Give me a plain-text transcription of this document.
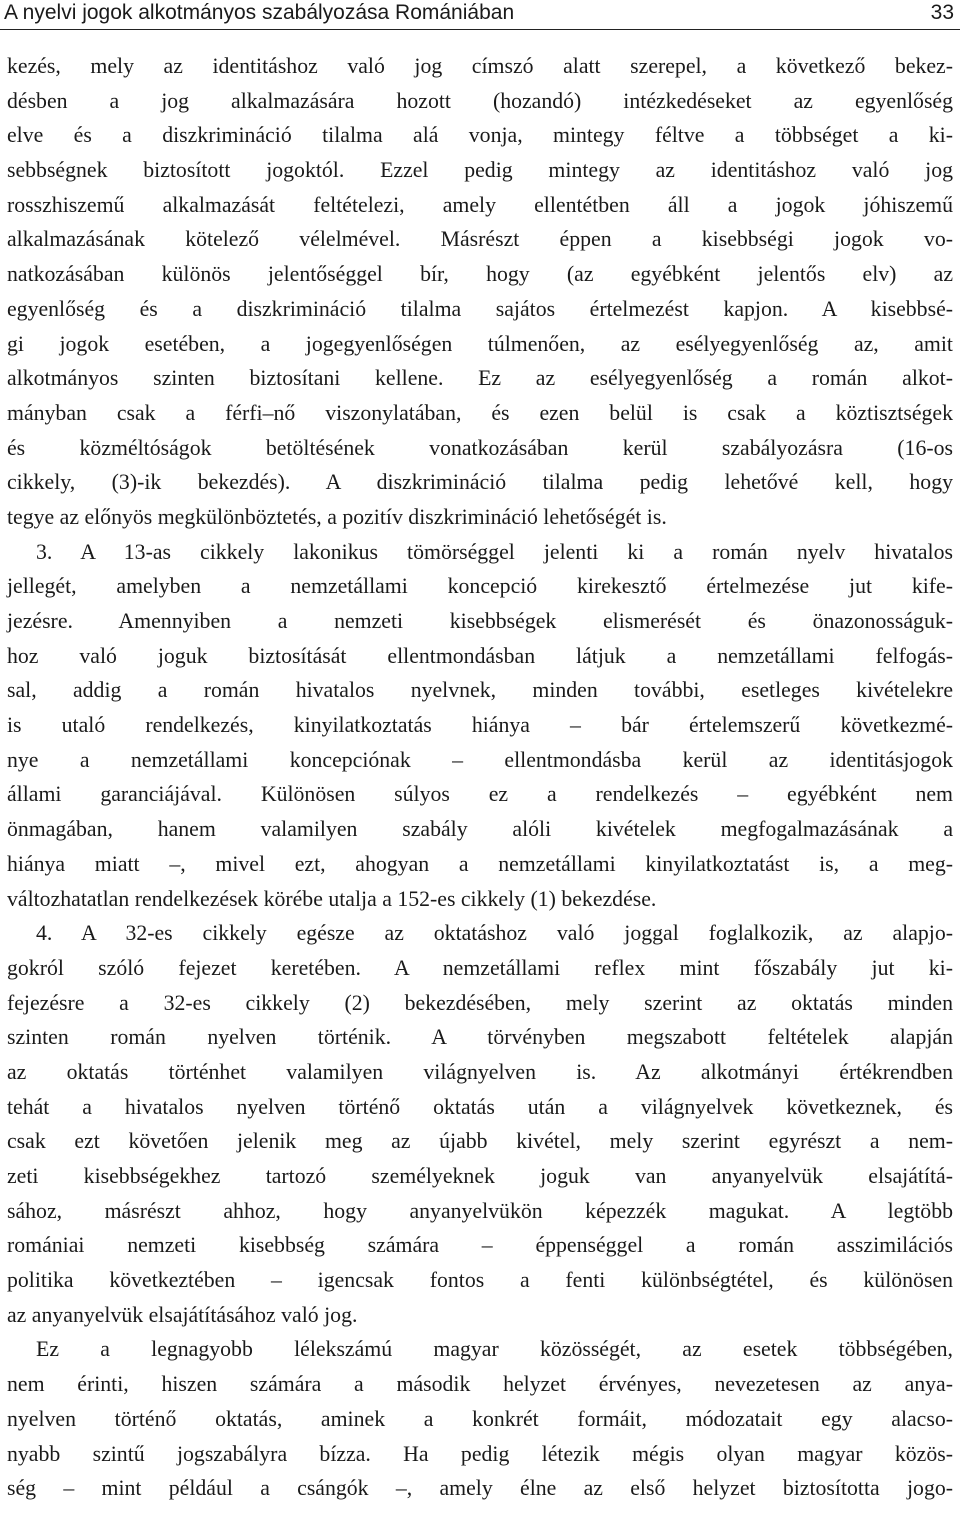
A nyelvi jogok alkotmányos szabályozása Romániában	33
kezés, mely az identitáshoz való jog címszó alatt szerepel, a következő bekez-
désben a jog alkalmazására hozott (hozandó) intézkedéseket az egyenlőség
elve és a diszkrimináció tilalma alá vonja, mintegy féltve a többséget a ki-
sebbségnek biztosított jogoktól. Ezzel pedig mintegy az identitáshoz való jog
rosszhiszemű alkalmazását feltételezi, amely ellentétben áll a jogok jóhiszemű
alkalmazásának kötelező vélelmével. Másrészt éppen a kisebbségi jogok vo-
natkozásában különös jelentőséggel bír, hogy (az egyébként jelentős elv) az
egyenlőség és a diszkrimináció tilalma sajátos értelmezést kapjon. A kisebbsé-
gi jogok esetében, a jogegyenlőségen túlmenően, az esélyegyenlőség az, amit
alkotmányos szinten biztosítani kellene. Ez az esélyegyenlőség a román alkot-
mányban csak a férfi–nő viszonylatában, és ezen belül is csak a köztisztségek
és közméltóságok betöltésének vonatkozásában kerül szabályozásra (16-os
cikkely, (3)-ik bekezdés). A diszkrimináció tilalma pedig lehetővé kell, hogy
tegye az előnyös megkülönböztetés, a pozitív diszkrimináció lehetőségét is.
3. A 13-as cikkely lakonikus tömörséggel jelenti ki a román nyelv hivatalos
jellegét, amelyben a nemzetállami koncepció kirekesztő értelmezése jut kife-
jezésre. Amennyiben a nemzeti kisebbségek elismerését és önazonosságuk-
hoz való joguk biztosítását ellentmondásban látjuk a nemzetállami felfogás-
sal, addig a román hivatalos nyelvnek, minden további, esetleges kivételekre
is utaló rendelkezés, kinyilatkoztatás hiánya – bár értelemszerű következmé-
nye a nemzetállami koncepciónak – ellentmondásba kerül az identitásjogok
állami garanciájával. Különösen súlyos ez a rendelkezés – egyébként nem
önmagában, hanem valamilyen szabály alóli kivételek megfogalmazásának a
hiánya miatt –, mivel ezt, ahogyan a nemzetállami kinyilatkoztatást is, a meg-
változhatatlan rendelkezések körébe utalja a 152-es cikkely (1) bekezdése.
4. A 32-es cikkely egésze az oktatáshoz való joggal foglalkozik, az alapjo-
gokról szóló fejezet keretében. A nemzetállami reflex mint főszabály jut ki-
fejezésre a 32-es cikkely (2) bekezdésében, mely szerint az oktatás minden
szinten román nyelven történik. A törvényben megszabott feltételek alapján
az oktatás történhet valamilyen világnyelven is. Az alkotmányi értékrendben
tehát a hivatalos nyelven történő oktatás után a világnyelvek következnek, és
csak ezt követően jelenik meg az újabb kivétel, mely szerint egyrészt a nem-
zeti kisebbségekhez tartozó személyeknek joguk van anyanyelvük elsajátítá-
sához, másrészt ahhoz, hogy anyanyelvükön képezzék magukat. A legtöbb
romániai nemzeti kisebbség számára – éppenséggel a román asszimilációs
politika következtében – igencsak fontos a fenti különbségtétel, és különösen
az anyanyelvük elsajátításához való jog.
Ez a legnagyobb lélekszámú magyar közösségét, az esetek többségében,
nem érinti, hiszen számára a második helyzet érvényes, nevezetesen az anya-
nyelven történő oktatás, aminek a konkrét formáit, módozatait egy alacso-
nyabb szintű jogszabályra bízza. Ha pedig létezik mégis olyan magyar közös-
ség – mint például a csángók –, amely élne az első helyzet biztosította jogo-
